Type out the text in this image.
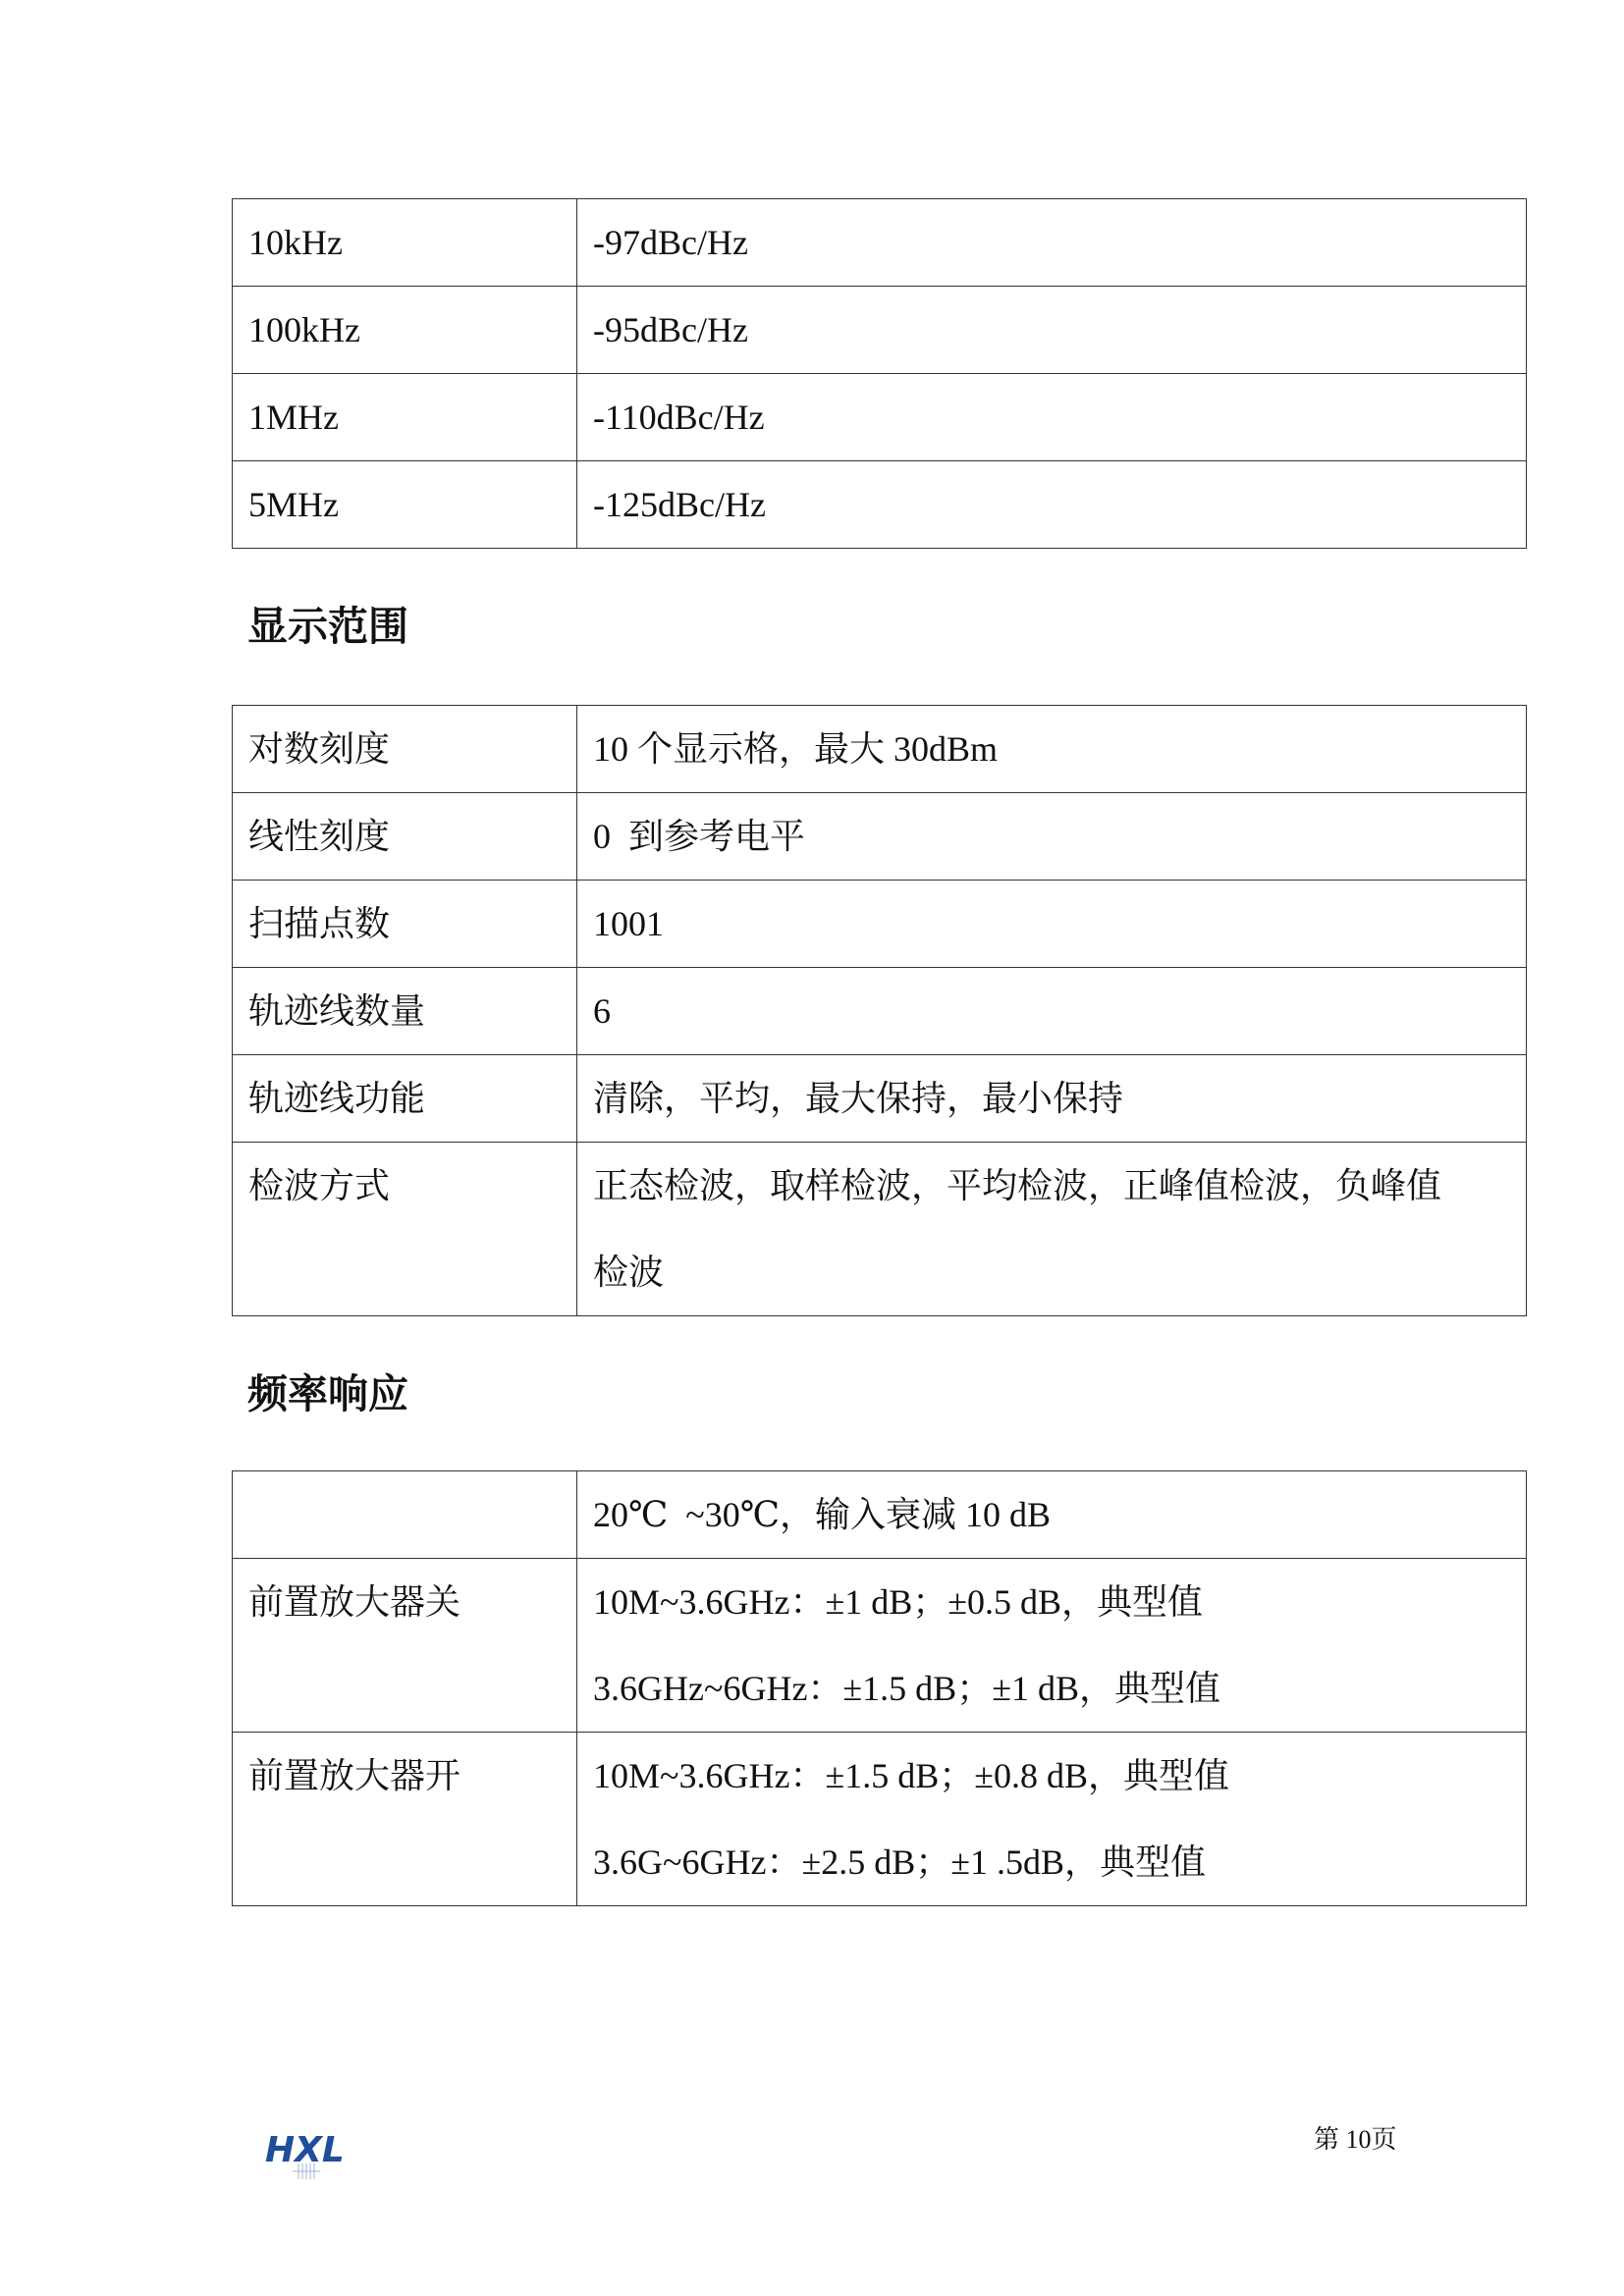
10kHz	-97dBc/Hz

100kHz	-95dBc/Hz

1MHz	-110dBc/Hz

5MHz	-125dBc/Hz
显示范围
对数刻度	10 个显示格，最大 30dBm

线性刻度	0  到参考电平

扫描点数	1001

轨迹线数量	6

轨迹线功能	清除，平均，最大保持，最小保持

检波方式	正态检波，取样检波，平均检波，正峰值检波，负峰值
检波
频率响应

	20℃  ~30℃，输入衰减 10 dB

前置放大器关	10M~3.6GHz：±1 dB；±0.5 dB，典型值
3.6GHz~6GHz：±1.5 dB；±1 dB，典型值

前置放大器开	10M~3.6GHz：±1.5 dB；±0.8 dB，典型值
3.6G~6GHz：±2.5 dB；±1 .5dB，典型值
HXL	第 10页
